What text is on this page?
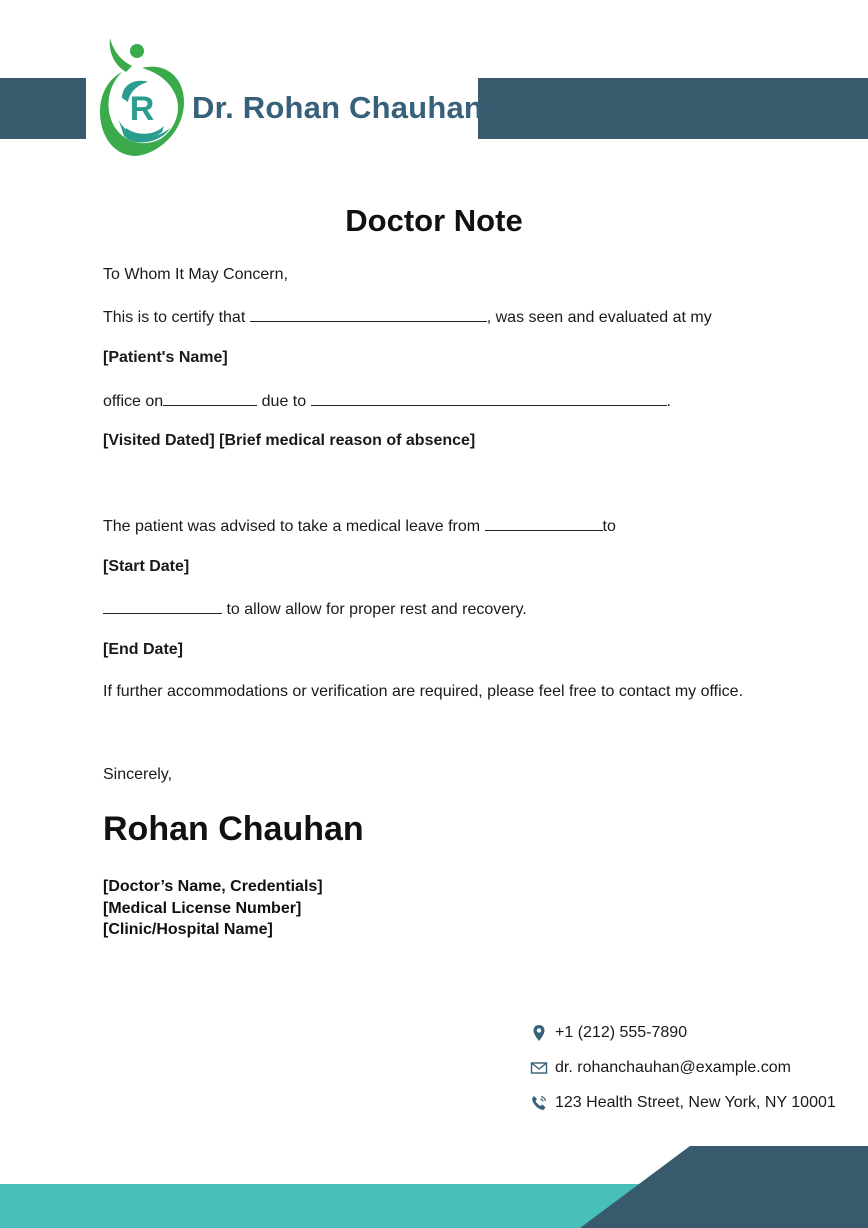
R Dr. Rohan Chauhan
Doctor Note
To Whom It May Concern,
This is to certify that	, was seen and evaluated at my
[Patient's Name]
office on	due to	.
[Visited Dated] [Brief medical reason of absence]
The patient was advised to take a medical leave from	to
[Start Date]
to allow allow for proper rest and recovery.
[End Date]
If further accommodations or verification are required, please feel free to contact my office.
Sincerely,
Rohan Chauhan
[Doctor’s Name, Credentials]
[Medical License Number]
[Clinic/Hospital Name]
+1 (212) 555-7890
dr. rohanchauhan@example.com
123 Health Street, New York, NY 10001
